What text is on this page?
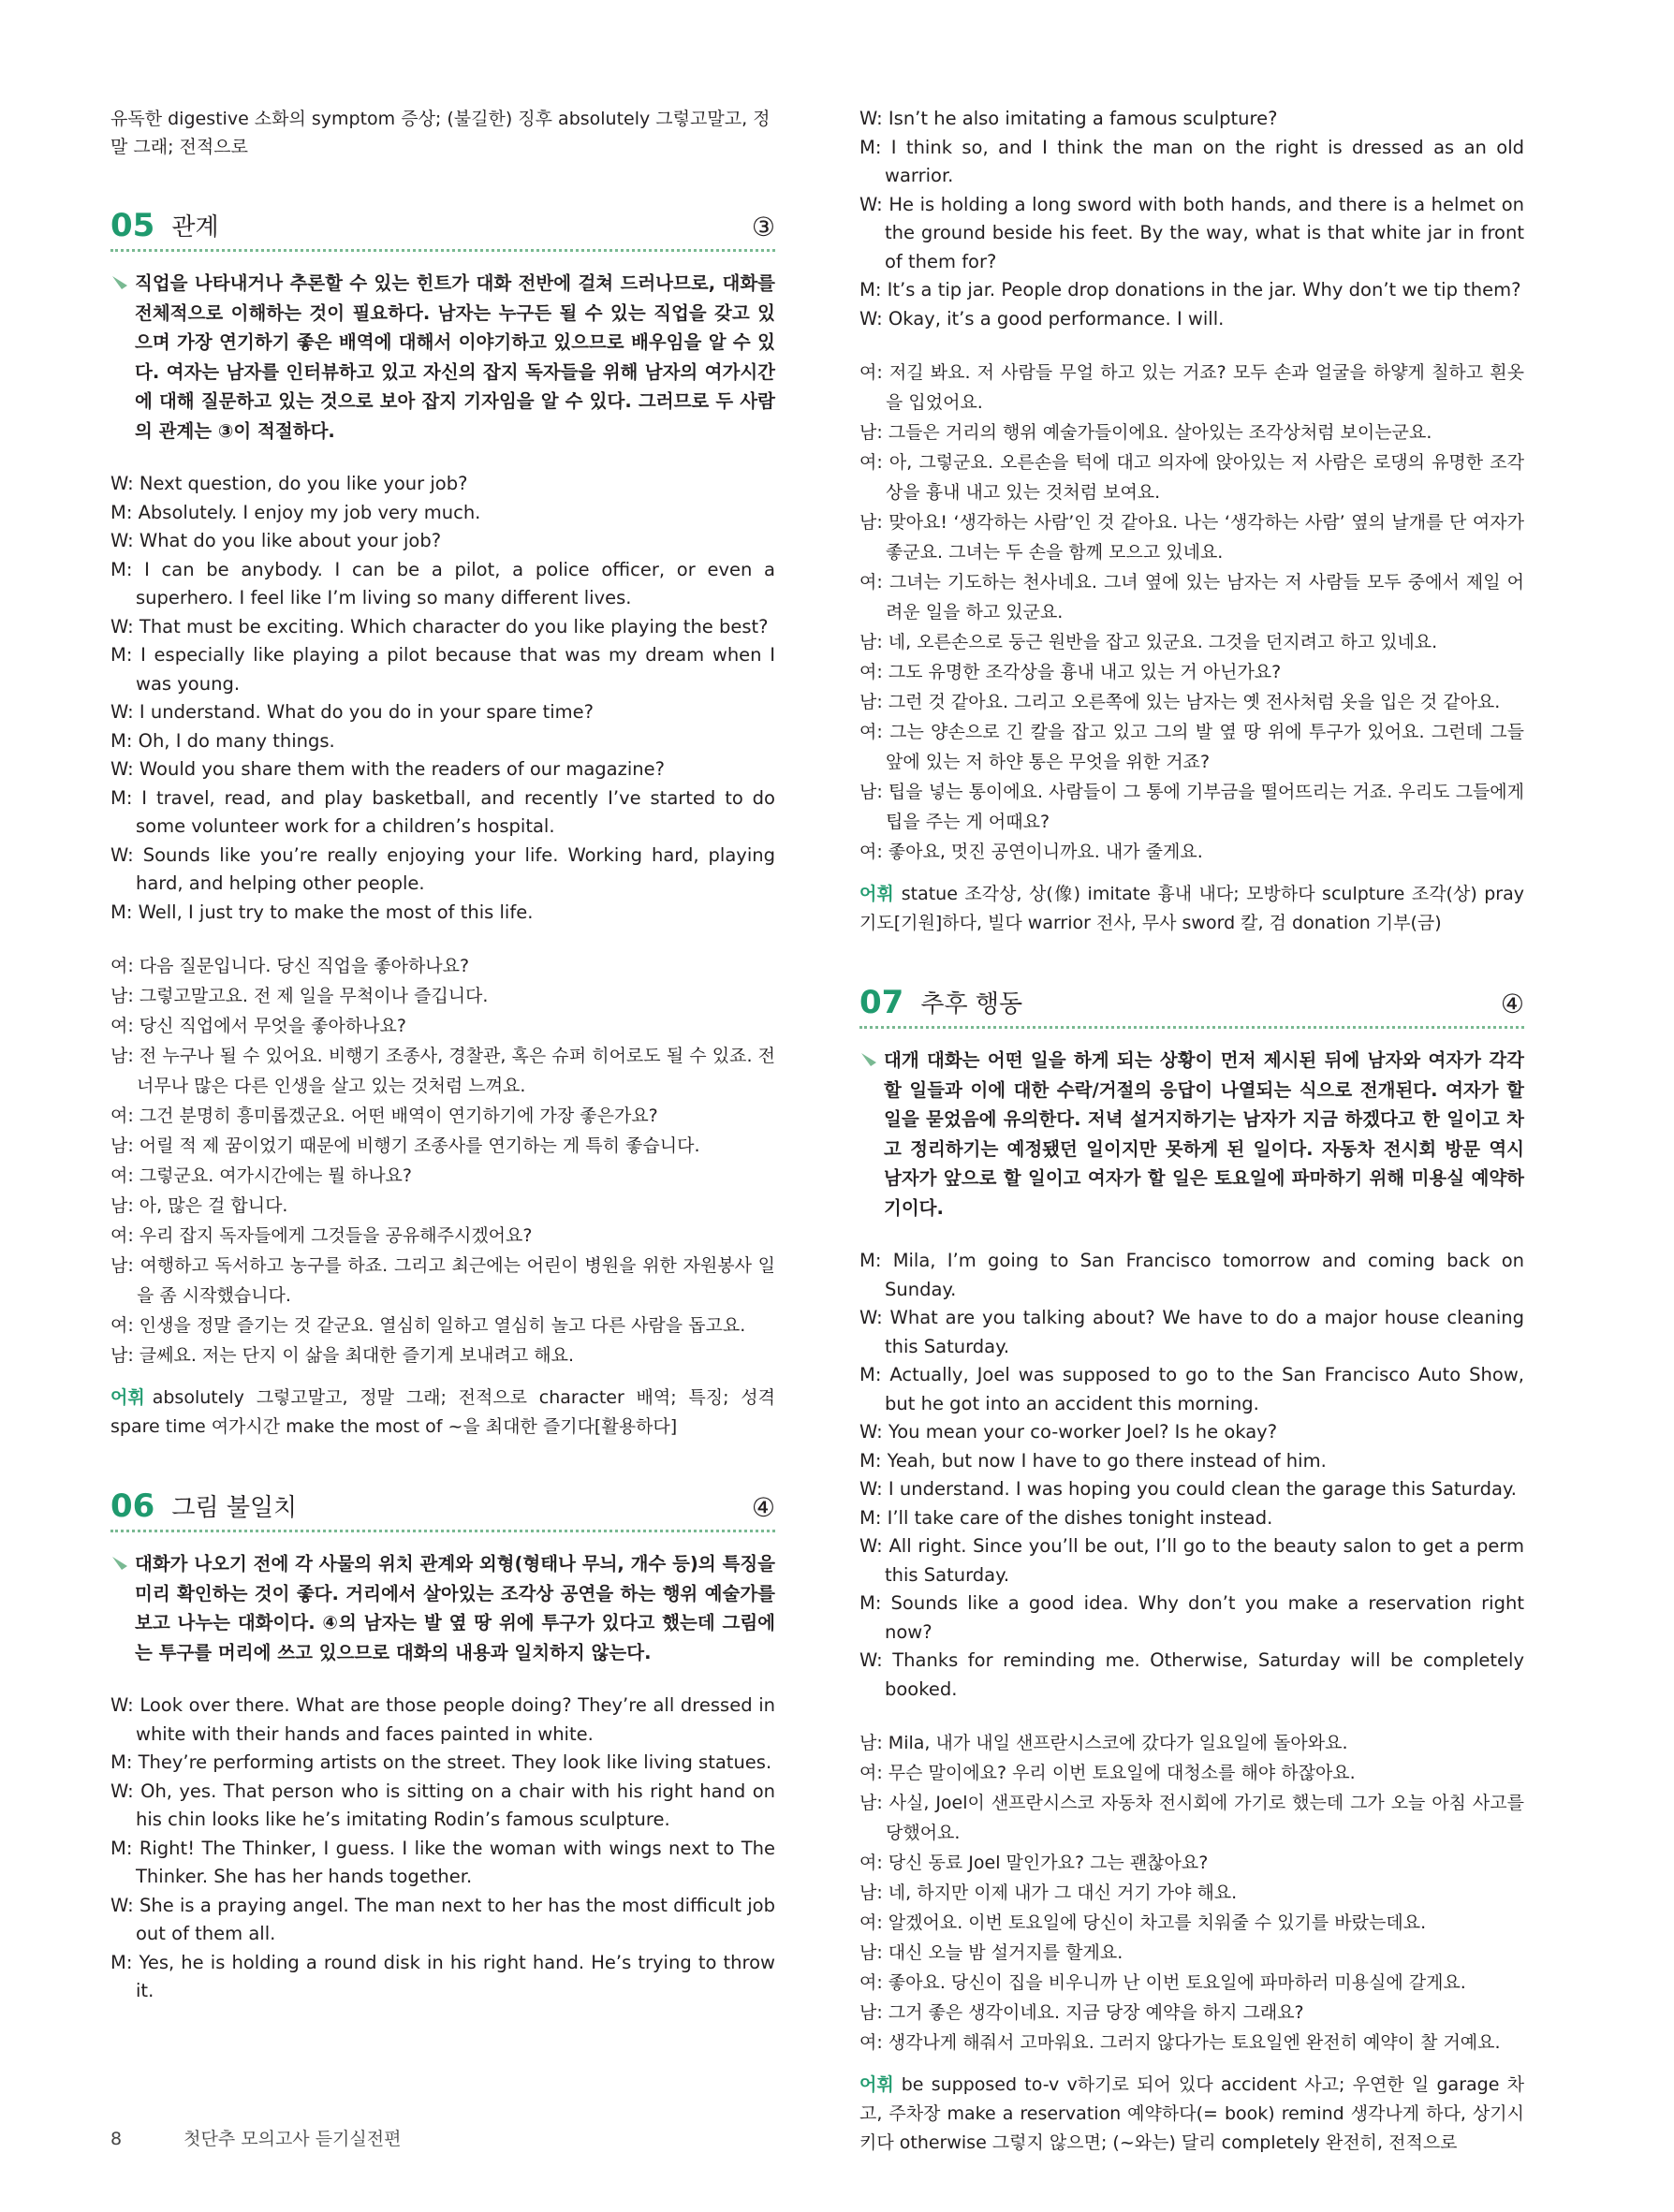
유독한 digestive 소화의 symptom 증상; (불길한) 징후 absolutely 그렇고말고, 정말 그래; 전적으로

05 관계	③
직업을 나타내거나 추론할 수 있는 힌트가 대화 전반에 걸쳐 드러나므로, 대화를 전체적으로 이해하는 것이 필요하다. 남자는 누구든 될 수 있는 직업을 갖고 있으며 가장 연기하기 좋은 배역에 대해서 이야기하고 있으므로 배우임을 알 수 있다. 여자는 남자를 인터뷰하고 있고 자신의 잡지 독자들을 위해 남자의 여가시간에 대해 질문하고 있는 것으로 보아 잡지 기자임을 알 수 있다. 그러므로 두 사람의 관계는 ③이 적절하다.
W: Next question, do you like your job?
M: Absolutely. I enjoy my job very much.
W: What do you like about your job?
M: I can be anybody. I can be a pilot, a police officer, or even a superhero. I feel like I’m living so many different lives.
W: That must be exciting. Which character do you like playing the best?
M: I especially like playing a pilot because that was my dream when I was young.
W: I understand. What do you do in your spare time?
M: Oh, I do many things.
W: Would you share them with the readers of our magazine?
M: I travel, read, and play basketball, and recently I’ve started to do some volunteer work for a children’s hospital.
W: Sounds like you’re really enjoying your life. Working hard, playing hard, and helping other people.
M: Well, I just try to make the most of this life.
여: 다음 질문입니다. 당신 직업을 좋아하나요?
남: 그렇고말고요. 전 제 일을 무척이나 즐깁니다.
여: 당신 직업에서 무엇을 좋아하나요?
남: 전 누구나 될 수 있어요. 비행기 조종사, 경찰관, 혹은 슈퍼 히어로도 될 수 있죠. 전 너무나 많은 다른 인생을 살고 있는 것처럼 느껴요.
여: 그건 분명히 흥미롭겠군요. 어떤 배역이 연기하기에 가장 좋은가요?
남: 어릴 적 제 꿈이었기 때문에 비행기 조종사를 연기하는 게 특히 좋습니다.
여: 그렇군요. 여가시간에는 뭘 하나요?
남: 아, 많은 걸 합니다.
여: 우리 잡지 독자들에게 그것들을 공유해주시겠어요?
남: 여행하고 독서하고 농구를 하죠. 그리고 최근에는 어린이 병원을 위한 자원봉사 일을 좀 시작했습니다.
여: 인생을 정말 즐기는 것 같군요. 열심히 일하고 열심히 놀고 다른 사람을 돕고요.
남: 글쎄요. 저는 단지 이 삶을 최대한 즐기게 보내려고 해요.
어휘 absolutely 그렇고말고, 정말 그래; 전적으로 character 배역; 특징; 성격 spare time 여가시간 make the most of ~을 최대한 즐기다[활용하다]
06 그림 불일치	④
대화가 나오기 전에 각 사물의 위치 관계와 외형(형태나 무늬, 개수 등)의 특징을 미리 확인하는 것이 좋다. 거리에서 살아있는 조각상 공연을 하는 행위 예술가를 보고 나누는 대화이다. ④의 남자는 발 옆 땅 위에 투구가 있다고 했는데 그림에는 투구를 머리에 쓰고 있으므로 대화의 내용과 일치하지 않는다.
W: Look over there. What are those people doing? They’re all dressed in white with their hands and faces painted in white.
M: They’re performing artists on the street. They look like living statues.
W: Oh, yes. That person who is sitting on a chair with his right hand on his chin looks like he’s imitating Rodin’s famous sculpture.
M: Right! The Thinker, I guess. I like the woman with wings next to The Thinker. She has her hands together.
W: She is a praying angel. The man next to her has the most difficult job out of them all.
M: Yes, he is holding a round disk in his right hand. He’s trying to throw it.
W: Isn’t he also imitating a famous sculpture?
M: I think so, and I think the man on the right is dressed as an old warrior.
W: He is holding a long sword with both hands, and there is a helmet on the ground beside his feet. By the way, what is that white jar in front of them for?
M: It’s a tip jar. People drop donations in the jar. Why don’t we tip them?
W: Okay, it’s a good performance. I will.
여: 저길 봐요. 저 사람들 무얼 하고 있는 거죠? 모두 손과 얼굴을 하얗게 칠하고 흰옷을 입었어요.
남: 그들은 거리의 행위 예술가들이에요. 살아있는 조각상처럼 보이는군요.
여: 아, 그렇군요. 오른손을 턱에 대고 의자에 앉아있는 저 사람은 로댕의 유명한 조각상을 흉내 내고 있는 것처럼 보여요.
남: 맞아요! ‘생각하는 사람’인 것 같아요. 나는 ‘생각하는 사람’ 옆의 날개를 단 여자가 좋군요. 그녀는 두 손을 함께 모으고 있네요.
여: 그녀는 기도하는 천사네요. 그녀 옆에 있는 남자는 저 사람들 모두 중에서 제일 어려운 일을 하고 있군요.
남: 네, 오른손으로 둥근 원반을 잡고 있군요. 그것을 던지려고 하고 있네요.
여: 그도 유명한 조각상을 흉내 내고 있는 거 아닌가요?
남: 그런 것 같아요. 그리고 오른쪽에 있는 남자는 옛 전사처럼 옷을 입은 것 같아요.
여: 그는 양손으로 긴 칼을 잡고 있고 그의 발 옆 땅 위에 투구가 있어요. 그런데 그들 앞에 있는 저 하얀 통은 무엇을 위한 거죠?
남: 팁을 넣는 통이에요. 사람들이 그 통에 기부금을 떨어뜨리는 거죠. 우리도 그들에게 팁을 주는 게 어때요?
여: 좋아요, 멋진 공연이니까요. 내가 줄게요.
어휘 statue 조각상, 상(像) imitate 흉내 내다; 모방하다 sculpture 조각(상) pray 기도[기원]하다, 빌다 warrior 전사, 무사 sword 칼, 검 donation 기부(금)
07 추후 행동	④
대개 대화는 어떤 일을 하게 되는 상황이 먼저 제시된 뒤에 남자와 여자가 각각 할 일들과 이에 대한 수락/거절의 응답이 나열되는 식으로 전개된다. 여자가 할 일을 묻었음에 유의한다. 저녁 설거지하기는 남자가 지금 하겠다고 한 일이고 차고 정리하기는 예정됐던 일이지만 못하게 된 일이다. 자동차 전시회 방문 역시 남자가 앞으로 할 일이고 여자가 할 일은 토요일에 파마하기 위해 미용실 예약하기이다.
M: Mila, I’m going to San Francisco tomorrow and coming back on Sunday.
W: What are you talking about? We have to do a major house cleaning this Saturday.
M: Actually, Joel was supposed to go to the San Francisco Auto Show, but he got into an accident this morning.
W: You mean your co-worker Joel? Is he okay?
M: Yeah, but now I have to go there instead of him.
W: I understand. I was hoping you could clean the garage this Saturday.
M: I’ll take care of the dishes tonight instead.
W: All right. Since you’ll be out, I’ll go to the beauty salon to get a perm this Saturday.
M: Sounds like a good idea. Why don’t you make a reservation right now?
W: Thanks for reminding me. Otherwise, Saturday will be completely booked.
남: Mila, 내가 내일 샌프란시스코에 갔다가 일요일에 돌아와요.
여: 무슨 말이에요? 우리 이번 토요일에 대청소를 해야 하잖아요.
남: 사실, Joel이 샌프란시스코 자동차 전시회에 가기로 했는데 그가 오늘 아침 사고를 당했어요.
여: 당신 동료 Joel 말인가요? 그는 괜찮아요?
남: 네, 하지만 이제 내가 그 대신 거기 가야 해요.
여: 알겠어요. 이번 토요일에 당신이 차고를 치워줄 수 있기를 바랐는데요.
남: 대신 오늘 밤 설거지를 할게요.
여: 좋아요. 당신이 집을 비우니까 난 이번 토요일에 파마하러 미용실에 갈게요.
남: 그거 좋은 생각이네요. 지금 당장 예약을 하지 그래요?
여: 생각나게 해줘서 고마워요. 그러지 않다가는 토요일엔 완전히 예약이 찰 거예요.
어휘 be supposed to-v v하기로 되어 있다 accident 사고; 우연한 일 garage 차고, 주차장 make a reservation 예약하다(= book) remind 생각나게 하다, 상기시키다 otherwise 그렇지 않으면; (~와는) 달리 completely 완전히, 전적으로
8	첫단추 모의고사 듣기실전편
